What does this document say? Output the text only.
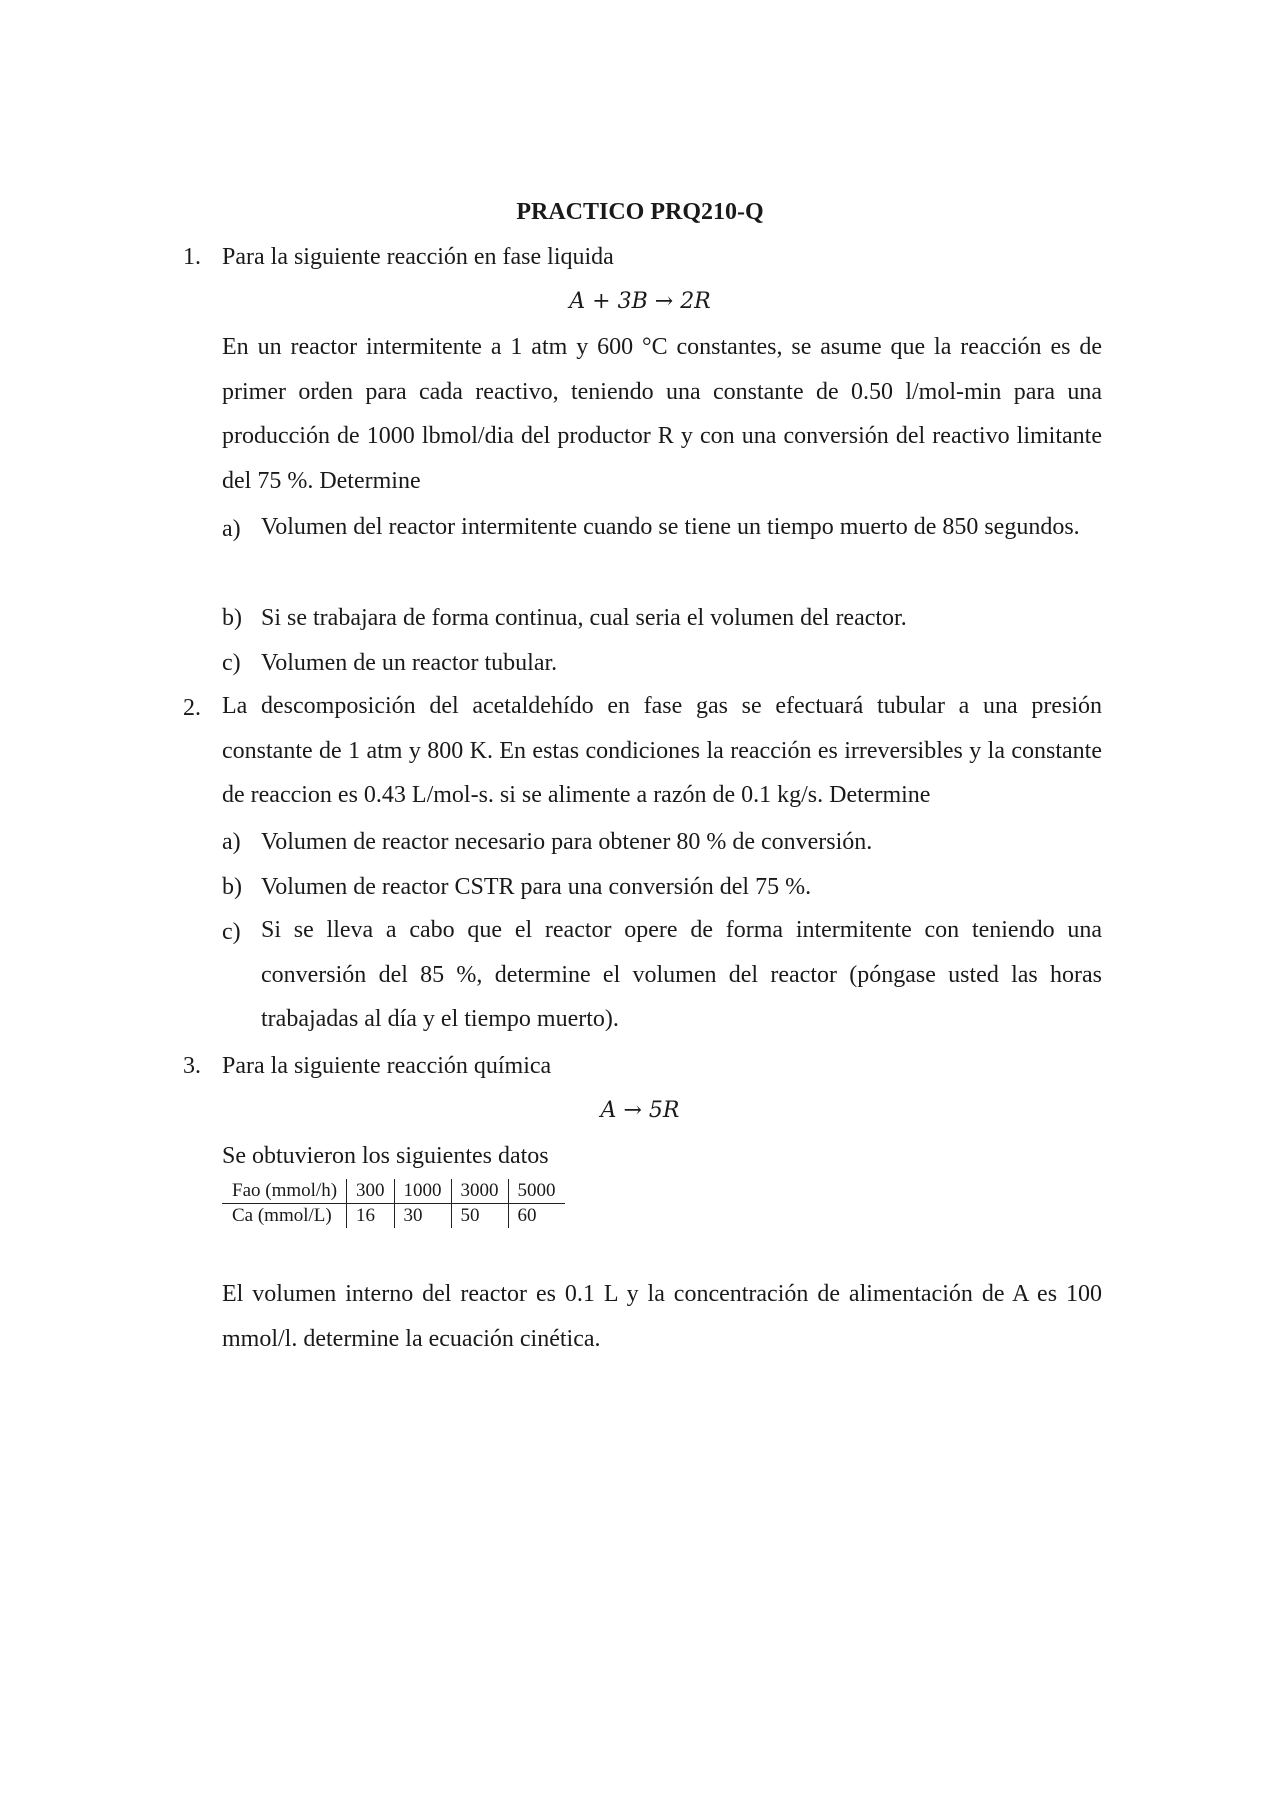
PRACTICO PRQ210-Q
1. Para la siguiente reacción en fase liquida
A + 3B → 2R
En un reactor intermitente a 1 atm y 600 °C constantes, se asume que la reacción es de primer orden para cada reactivo, teniendo una constante de 0.50 l/mol-min para una producción de 1000 lbmol/dia del productor R y con una conversión del reactivo limitante del 75 %. Determine
a) Volumen del reactor intermitente cuando se tiene un tiempo muerto de 850 segundos.
b) Si se trabajara de forma continua, cual seria el volumen del reactor.
c) Volumen de un reactor tubular.
2. La descomposición del acetaldehído en fase gas se efectuará tubular a una presión constante de 1 atm y 800 K. En estas condiciones la reacción es irreversibles y la constante de reaccion es 0.43 L/mol-s. si se alimente a razón de 0.1 kg/s. Determine
a) Volumen de reactor necesario para obtener 80 % de conversión.
b) Volumen de reactor CSTR para una conversión del 75 %.
c) Si se lleva a cabo que el reactor opere de forma intermitente con teniendo una conversión del 85 %, determine el volumen del reactor (póngase usted las horas trabajadas al día y el tiempo muerto).
3. Para la siguiente reacción química
A → 5R
Se obtuvieron los siguientes datos
Fao (mmol/h)	300	1000	3000	5000
Ca (mmol/L)	16	30	50	60
El volumen interno del reactor es 0.1 L y la concentración de alimentación de A es 100 mmol/l. determine la ecuación cinética.
